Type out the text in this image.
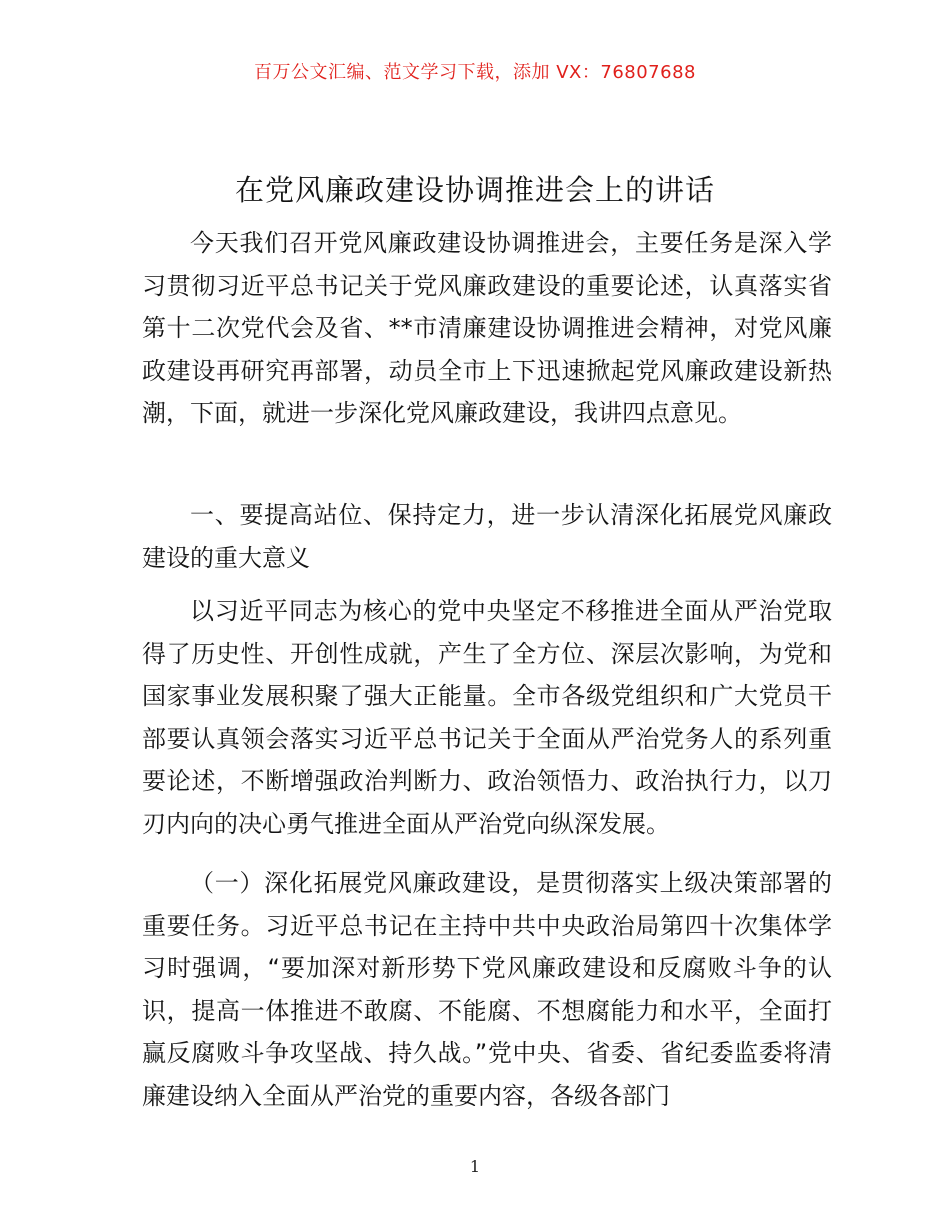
百万公文汇编、范文学习下载，添加 VX：76807688
在党风廉政建设协调推进会上的讲话

今天我们召开党风廉政建设协调推进会，主要任务是深入学习贯彻习近平总书记关于党风廉政建设的重要论述，认真落实省第十二次党代会及省、**市清廉建设协调推进会精神，对党风廉政建设再研究再部署，动员全市上下迅速掀起党风廉政建设新热潮，下面，就进一步深化党风廉政建设，我讲四点意见。

一、要提高站位、保持定力，进一步认清深化拓展党风廉政建设的重大意义

以习近平同志为核心的党中央坚定不移推进全面从严治党取得了历史性、开创性成就，产生了全方位、深层次影响，为党和国家事业发展积聚了强大正能量。全市各级党组织和广大党员干部要认真领会落实习近平总书记关于全面从严治党务人的系列重要论述，不断增强政治判断力、政治领悟力、政治执行力，以刀刃内向的决心勇气推进全面从严治党向纵深发展。

（一）深化拓展党风廉政建设，是贯彻落实上级决策部署的重要任务。习近平总书记在主持中共中央政治局第四十次集体学习时强调，“要加深对新形势下党风廉政建设和反腐败斗争的认识，提高一体推进不敢腐、不能腐、不想腐能力和水平，全面打赢反腐败斗争攻坚战、持久战。”党中央、省委、省纪委监委将清廉建设纳入全面从严治党的重要内容，各级各部门

1
